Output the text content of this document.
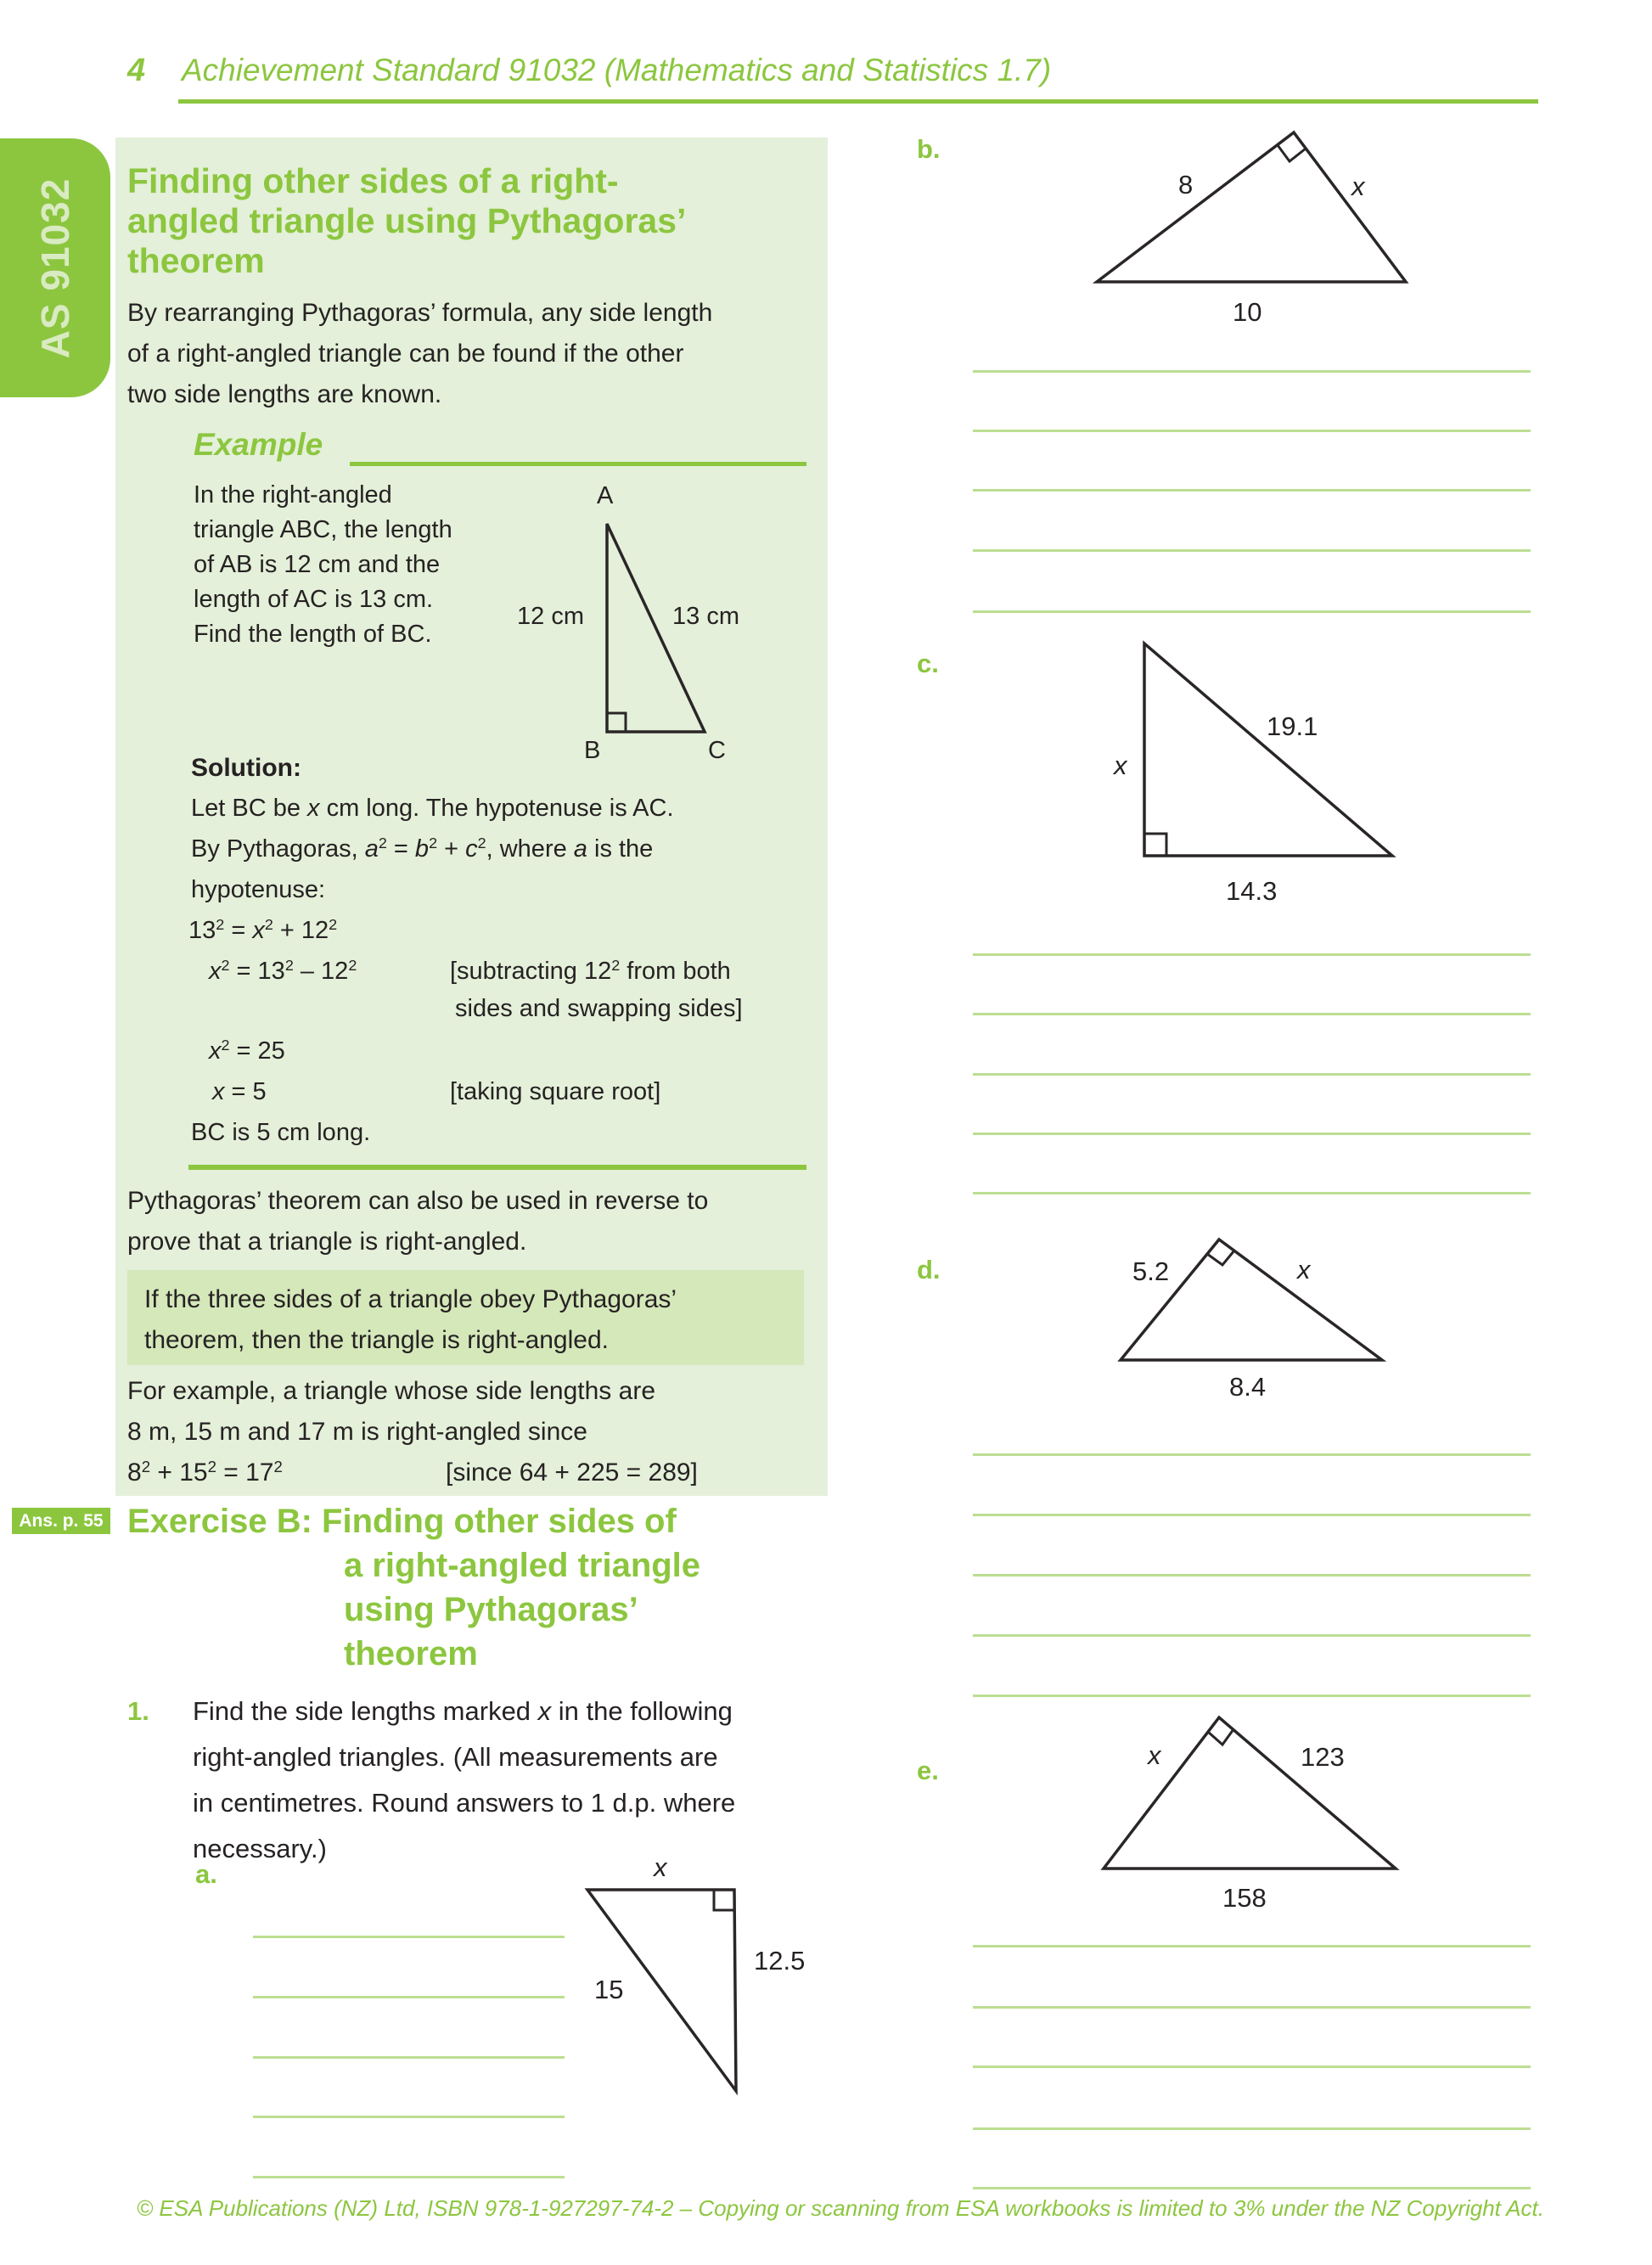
4 Achievement Standard 91032 (Mathematics and Statistics 1.7)
AS 91032 Finding other sides of a right-
angled triangle using Pythagoras’
theorem
By rearranging Pythagoras’ formula, any side length
of a right-angled triangle can be found if the other
two side lengths are known.
Example
In the right-angled
triangle ABC, the length
of AB is 12 cm and the
length of AC is 13 cm.
Find the length of BC.
A
B	C
12 cm	13 cm
Solution:
Let BC be x cm long. The hypotenuse is AC.
By Pythagoras, $a^2 = b^2 + c^2$, where a is the
hypotenuse:
$13^2 = x^2 + 12^2$
$x^2 = 13^2 - 12^2$	[subtracting $12^2$ from both
sides and swapping sides]
$x^2 = 25$
x = 5	[taking square root]
BC is 5 cm long.
Pythagoras’ theorem can also be used in reverse to
prove that a triangle is right-angled.
If the three sides of a triangle obey Pythagoras’
theorem, then the triangle is right-angled.
For example, a triangle whose side lengths are
8 m, 15 m and 17 m is right-angled since
$8^2 + 15^2 = 17^2$	[since 64 + 225 = 289]
Ans. p. 55 Exercise B: Finding other sides of
a right-angled triangle
using Pythagoras’
theorem
1. Find the side lengths marked x in the following
right-angled triangles. (All measurements are
in centimetres. Round answers to 1 d.p. where
necessary.)
a.	x
15
12.5
b.
8	x
10
c.
x
19.1
14.3
d.	5.2	x
8.4
e.
x	123
158
© ESA Publications (NZ) Ltd, ISBN 978-1-927297-74-2 – Copying or scanning from ESA workbooks is limited to 3% under the NZ Copyright Act.
